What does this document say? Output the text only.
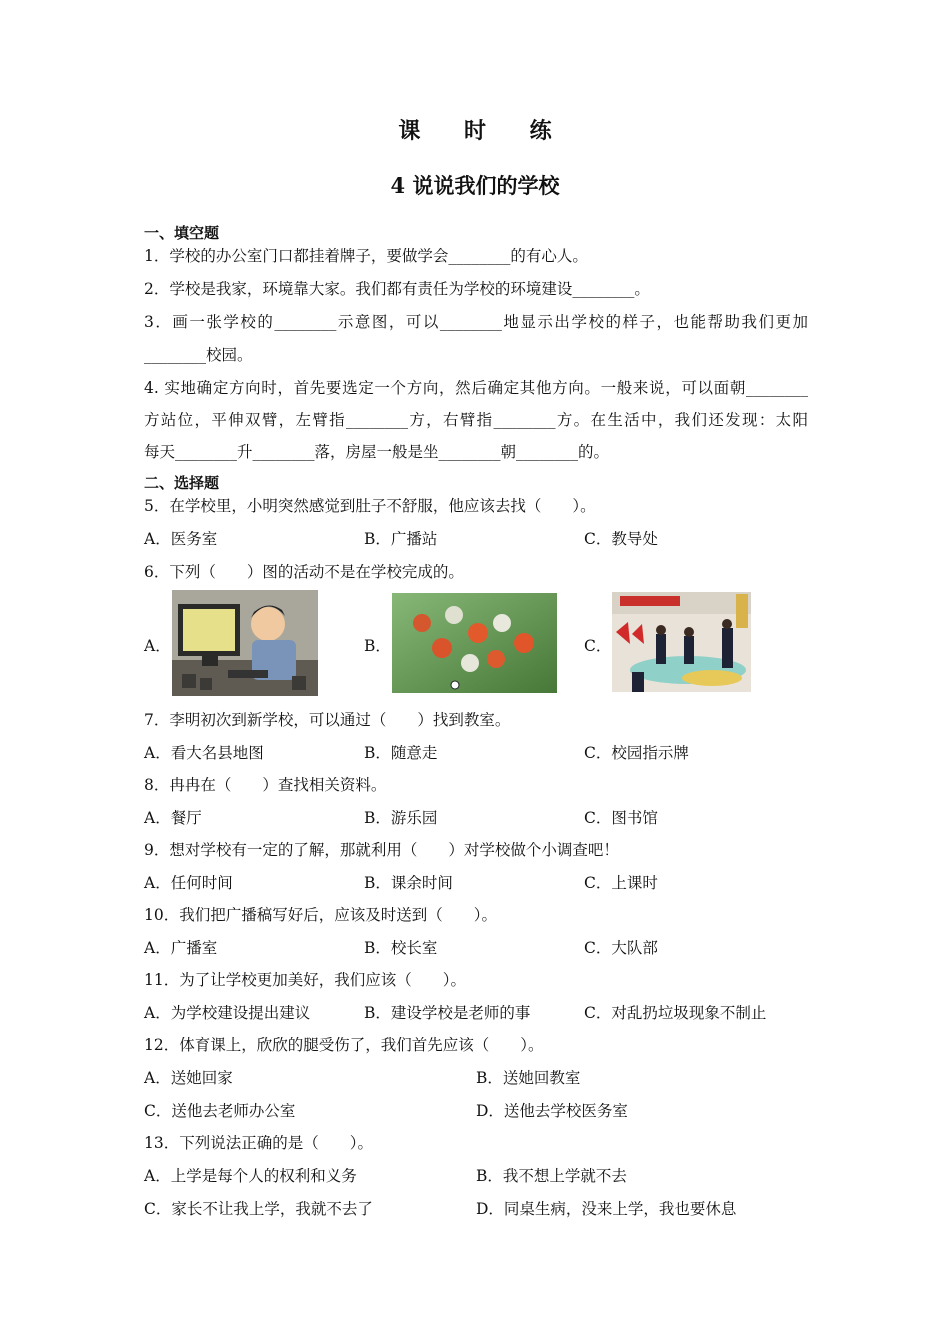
课 时 练
4 说说我们的学校
一、填空题
1．学校的办公室门口都挂着牌子，要做学会________的有心人。
2．学校是我家，环境靠大家。我们都有责任为学校的环境建设________。
3．画一张学校的________示意图，可以________地显示出学校的样子，也能帮助我们更加
________校园。
4. 实地确定方向时，首先要选定一个方向，然后确定其他方向。一般来说，可以面朝________
方站位，平伸双臂，左臂指________方，右臂指________方。在生活中，我们还发现：太阳
每天________升________落，房屋一般是坐________朝________的。
二、选择题
5．在学校里，小明突然感觉到肚子不舒服，他应该去找（　　）。
A．医务室	B．广播站	C．教导处
6．下列（　　）图的活动不是在学校完成的。
A．	B．	C．
7．李明初次到新学校，可以通过（　　）找到教室。
A．看大名县地图	B．随意走	C．校园指示牌
8．冉冉在（　　）查找相关资料。
A．餐厅	B．游乐园	C．图书馆
9．想对学校有一定的了解，那就利用（　　）对学校做个小调查吧！
A．任何时间	B．课余时间	C．上课时
10．我们把广播稿写好后，应该及时送到（　　）。
A．广播室	B．校长室	C．大队部
11．为了让学校更加美好，我们应该（　　）。
A．为学校建设提出建议	B．建设学校是老师的事	C．对乱扔垃圾现象不制止
12．体育课上，欣欣的腿受伤了，我们首先应该（　　）。
A．送她回家	B．送她回教室
C．送他去老师办公室	D．送他去学校医务室
13．下列说法正确的是（　　）。
A．上学是每个人的权利和义务	B．我不想上学就不去
C．家长不让我上学，我就不去了	D．同桌生病，没来上学，我也要休息
